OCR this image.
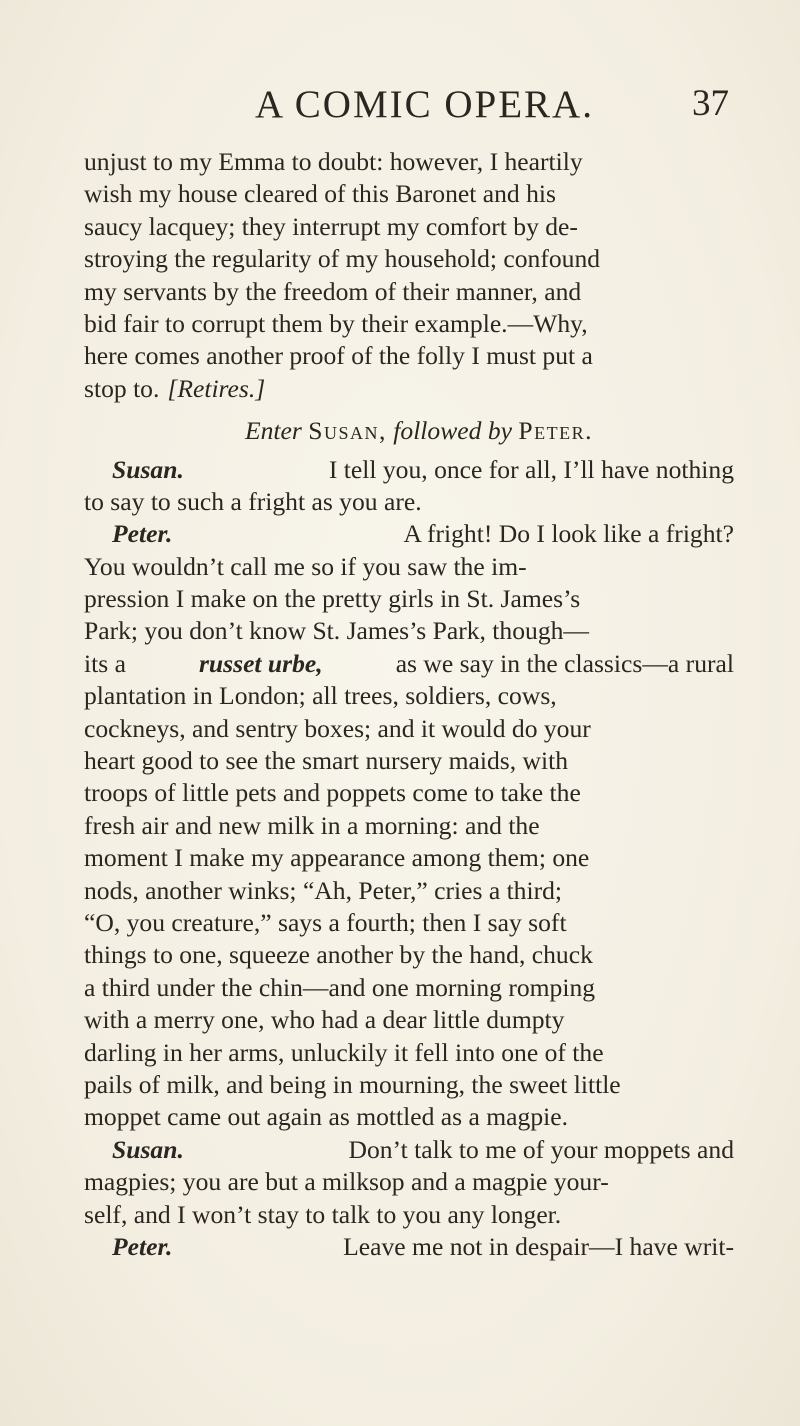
A COMIC OPERA.	37
unjust to my Emma to doubt: however, I heartily
wish my house cleared of this Baronet and his
saucy lacquey; they interrupt my comfort by de-
stroying the regularity of my household; confound
my servants by the freedom of their manner, and
bid fair to corrupt them by their example.—Why,
here comes another proof of the folly I must put a
stop to. [Retires.]
Enter
Susan,
followed by
Peter.
Susan.	I tell you, once for all, I’ll have nothing
to say to such a fright as you are.
Peter.	A fright! Do I look like a fright?
You wouldn’t call me so if you saw the im-
pression I make on the pretty girls in St. James’s
Park; you don’t know St. James’s Park, though—
its a	russet urbe,	as we say in the classics—a rural
plantation in London; all trees, soldiers, cows,
cockneys, and sentry boxes; and it would do your
heart good to see the smart nursery maids, with
troops of little pets and poppets come to take the
fresh air and new milk in a morning: and the
moment I make my appearance among them; one
nods, another winks; “Ah, Peter,” cries a third;
“O, you creature,” says a fourth; then I say soft
things to one, squeeze another by the hand, chuck
a third under the chin—and one morning romping
with a merry one, who had a dear little dumpty
darling in her arms, unluckily it fell into one of the
pails of milk, and being in mourning, the sweet little
moppet came out again as mottled as a magpie.
Susan.	Don’t talk to me of your moppets and
magpies; you are but a milksop and a magpie your-
self, and I won’t stay to talk to you any longer.
Peter.	Leave me not in despair—I have writ-
